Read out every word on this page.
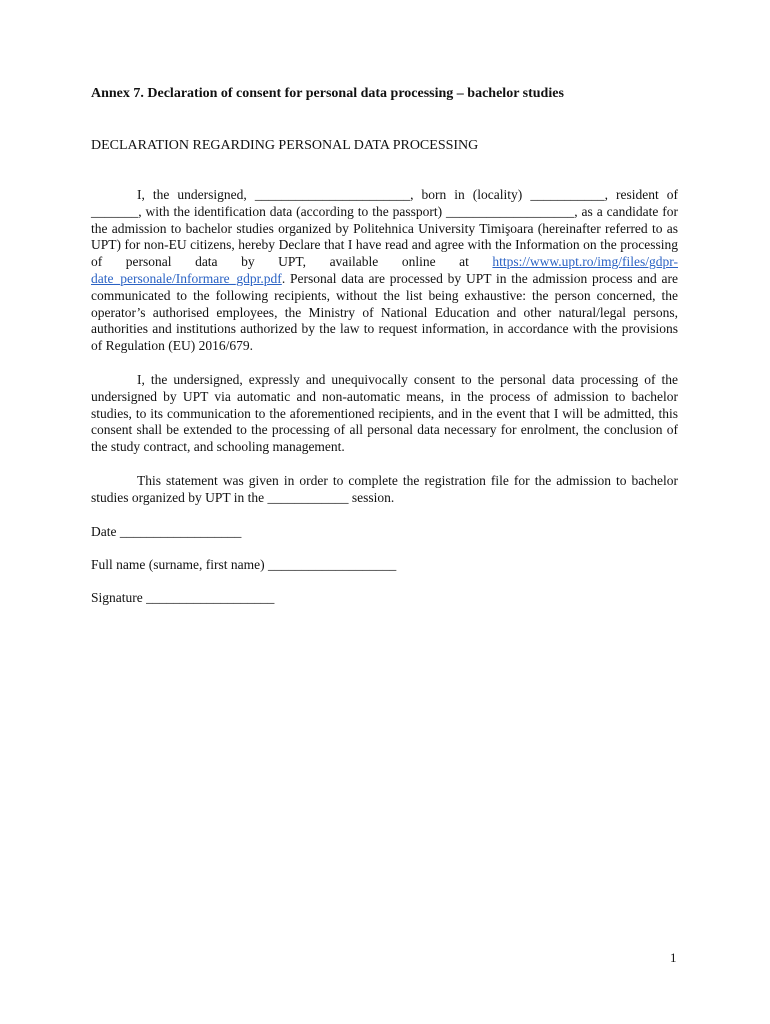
Annex 7. Declaration of consent for personal data processing – bachelor studies

DECLARATION REGARDING PERSONAL DATA PROCESSING

I, the undersigned, _______________________, born in (locality) ___________, resident of _______, with the identification data (according to the passport) ___________________, as a candidate for the admission to bachelor studies organized by Politehnica University Timişoara (hereinafter referred to as UPT) for non-EU citizens, hereby Declare that I have read and agree with the Information on the processing of personal data by UPT, available online at https://www.upt.ro/img/files/gdpr-date_personale/Informare_gdpr.pdf. Personal data are processed by UPT in the admission process and are communicated to the following recipients, without the list being exhaustive: the person concerned, the operator’s authorised employees, the Ministry of National Education and other natural/legal persons, authorities and institutions authorized by the law to request information, in accordance with the provisions of Regulation (EU) 2016/679.

I, the undersigned, expressly and unequivocally consent to the personal data processing of the undersigned by UPT via automatic and non-automatic means, in the process of admission to bachelor studies, to its communication to the aforementioned recipients, and in the event that I will be admitted, this consent shall be extended to the processing of all personal data necessary for enrolment, the conclusion of the study contract, and schooling management.

This statement was given in order to complete the registration file for the admission to bachelor studies organized by UPT in the ____________ session.

Date __________________

Full name (surname, first name) ___________________

Signature ___________________

1
